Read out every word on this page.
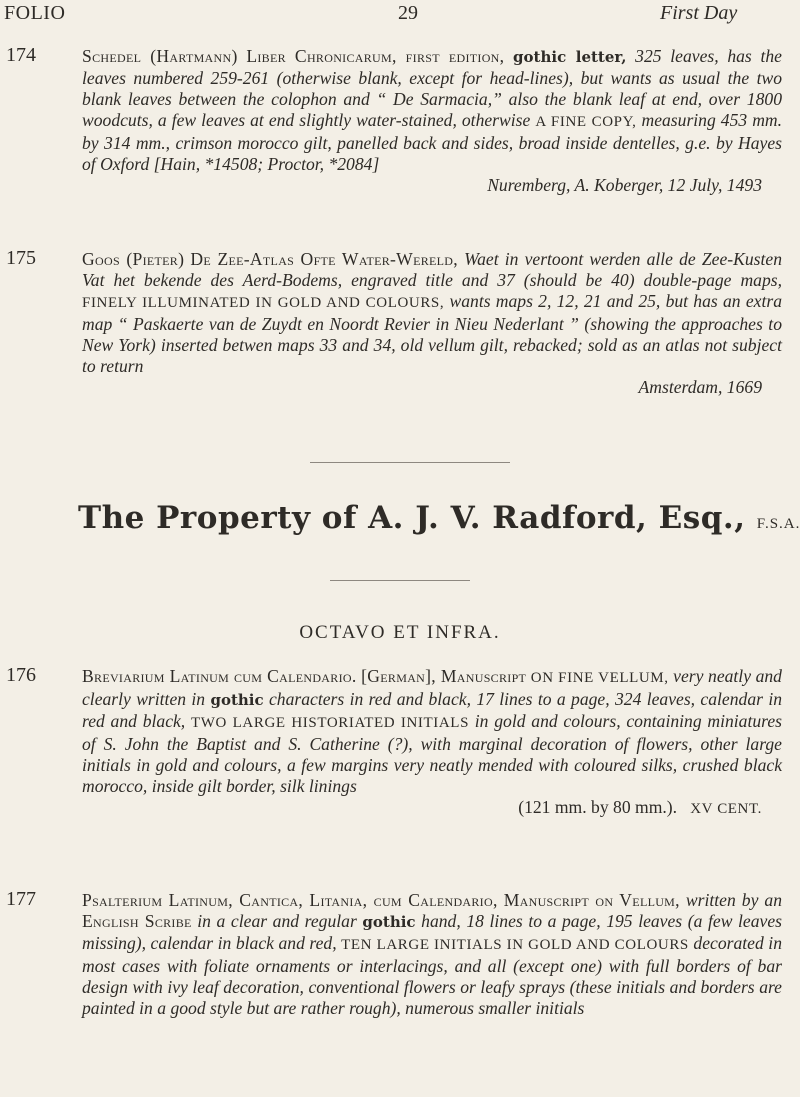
FOLIO	29	First Day
174	Schedel (Hartmann) Liber Chronicarum, first edition, gothic letter, 325 leaves, has the leaves numbered 259-261 (otherwise blank, except for head-lines), but wants as usual the two blank leaves between the colophon and “ De Sarmacia,” also the blank leaf at end, over 1800 woodcuts, a few leaves at end slightly water-stained, otherwise A FINE COPY, measuring 453 mm. by 314 mm., crimson morocco gilt, panelled back and sides, broad inside dentelles, g.e. by Hayes of Oxford [Hain, *14508; Proctor, *2084]
Nuremberg, A. Koberger, 12 July, 1493
175	Goos (Pieter) De Zee-Atlas Ofte Water-Wereld, Waet in vertoont werden alle de Zee-Kusten Vat het bekende des Aerd-Bodems, engraved title and 37 (should be 40) double-page maps, FINELY ILLUMINATED IN GOLD AND COLOURS, wants maps 2, 12, 21 and 25, but has an extra map “ Paskaerte van de Zuydt en Noordt Revier in Nieu Nederlant ” (showing the approaches to New York) inserted betwen maps 33 and 34, old vellum gilt, rebacked; sold as an atlas not subject to return
Amsterdam, 1669
The Property of A. J. V. Radford, Esq., F.S.A.
OCTAVO ET INFRA.
176	Breviarium Latinum cum Calendario. [German], Manuscript ON FINE VELLUM, very neatly and clearly written in gothic characters in red and black, 17 lines to a page, 324 leaves, calendar in red and black, TWO LARGE HISTORIATED INITIALS in gold and colours, containing miniatures of S. John the Baptist and S. Catherine (?), with marginal decoration of flowers, other large initials in gold and colours, a few margins very neatly mended with coloured silks, crushed black morocco, inside gilt border, silk linings
(121 mm. by 80 mm.). XV CENT.
177	Psalterium Latinum, Cantica, Litania, cum Calendario, Manuscript on Vellum, written by an English Scribe in a clear and regular gothic hand, 18 lines to a page, 195 leaves (a few leaves missing), calendar in black and red, TEN LARGE INITIALS IN GOLD AND COLOURS decorated in most cases with foliate ornaments or interlacings, and all (except one) with full borders of bar design with ivy leaf decoration, conventional flowers or leafy sprays (these initials and borders are painted in a good style but are rather rough), numerous smaller initials
